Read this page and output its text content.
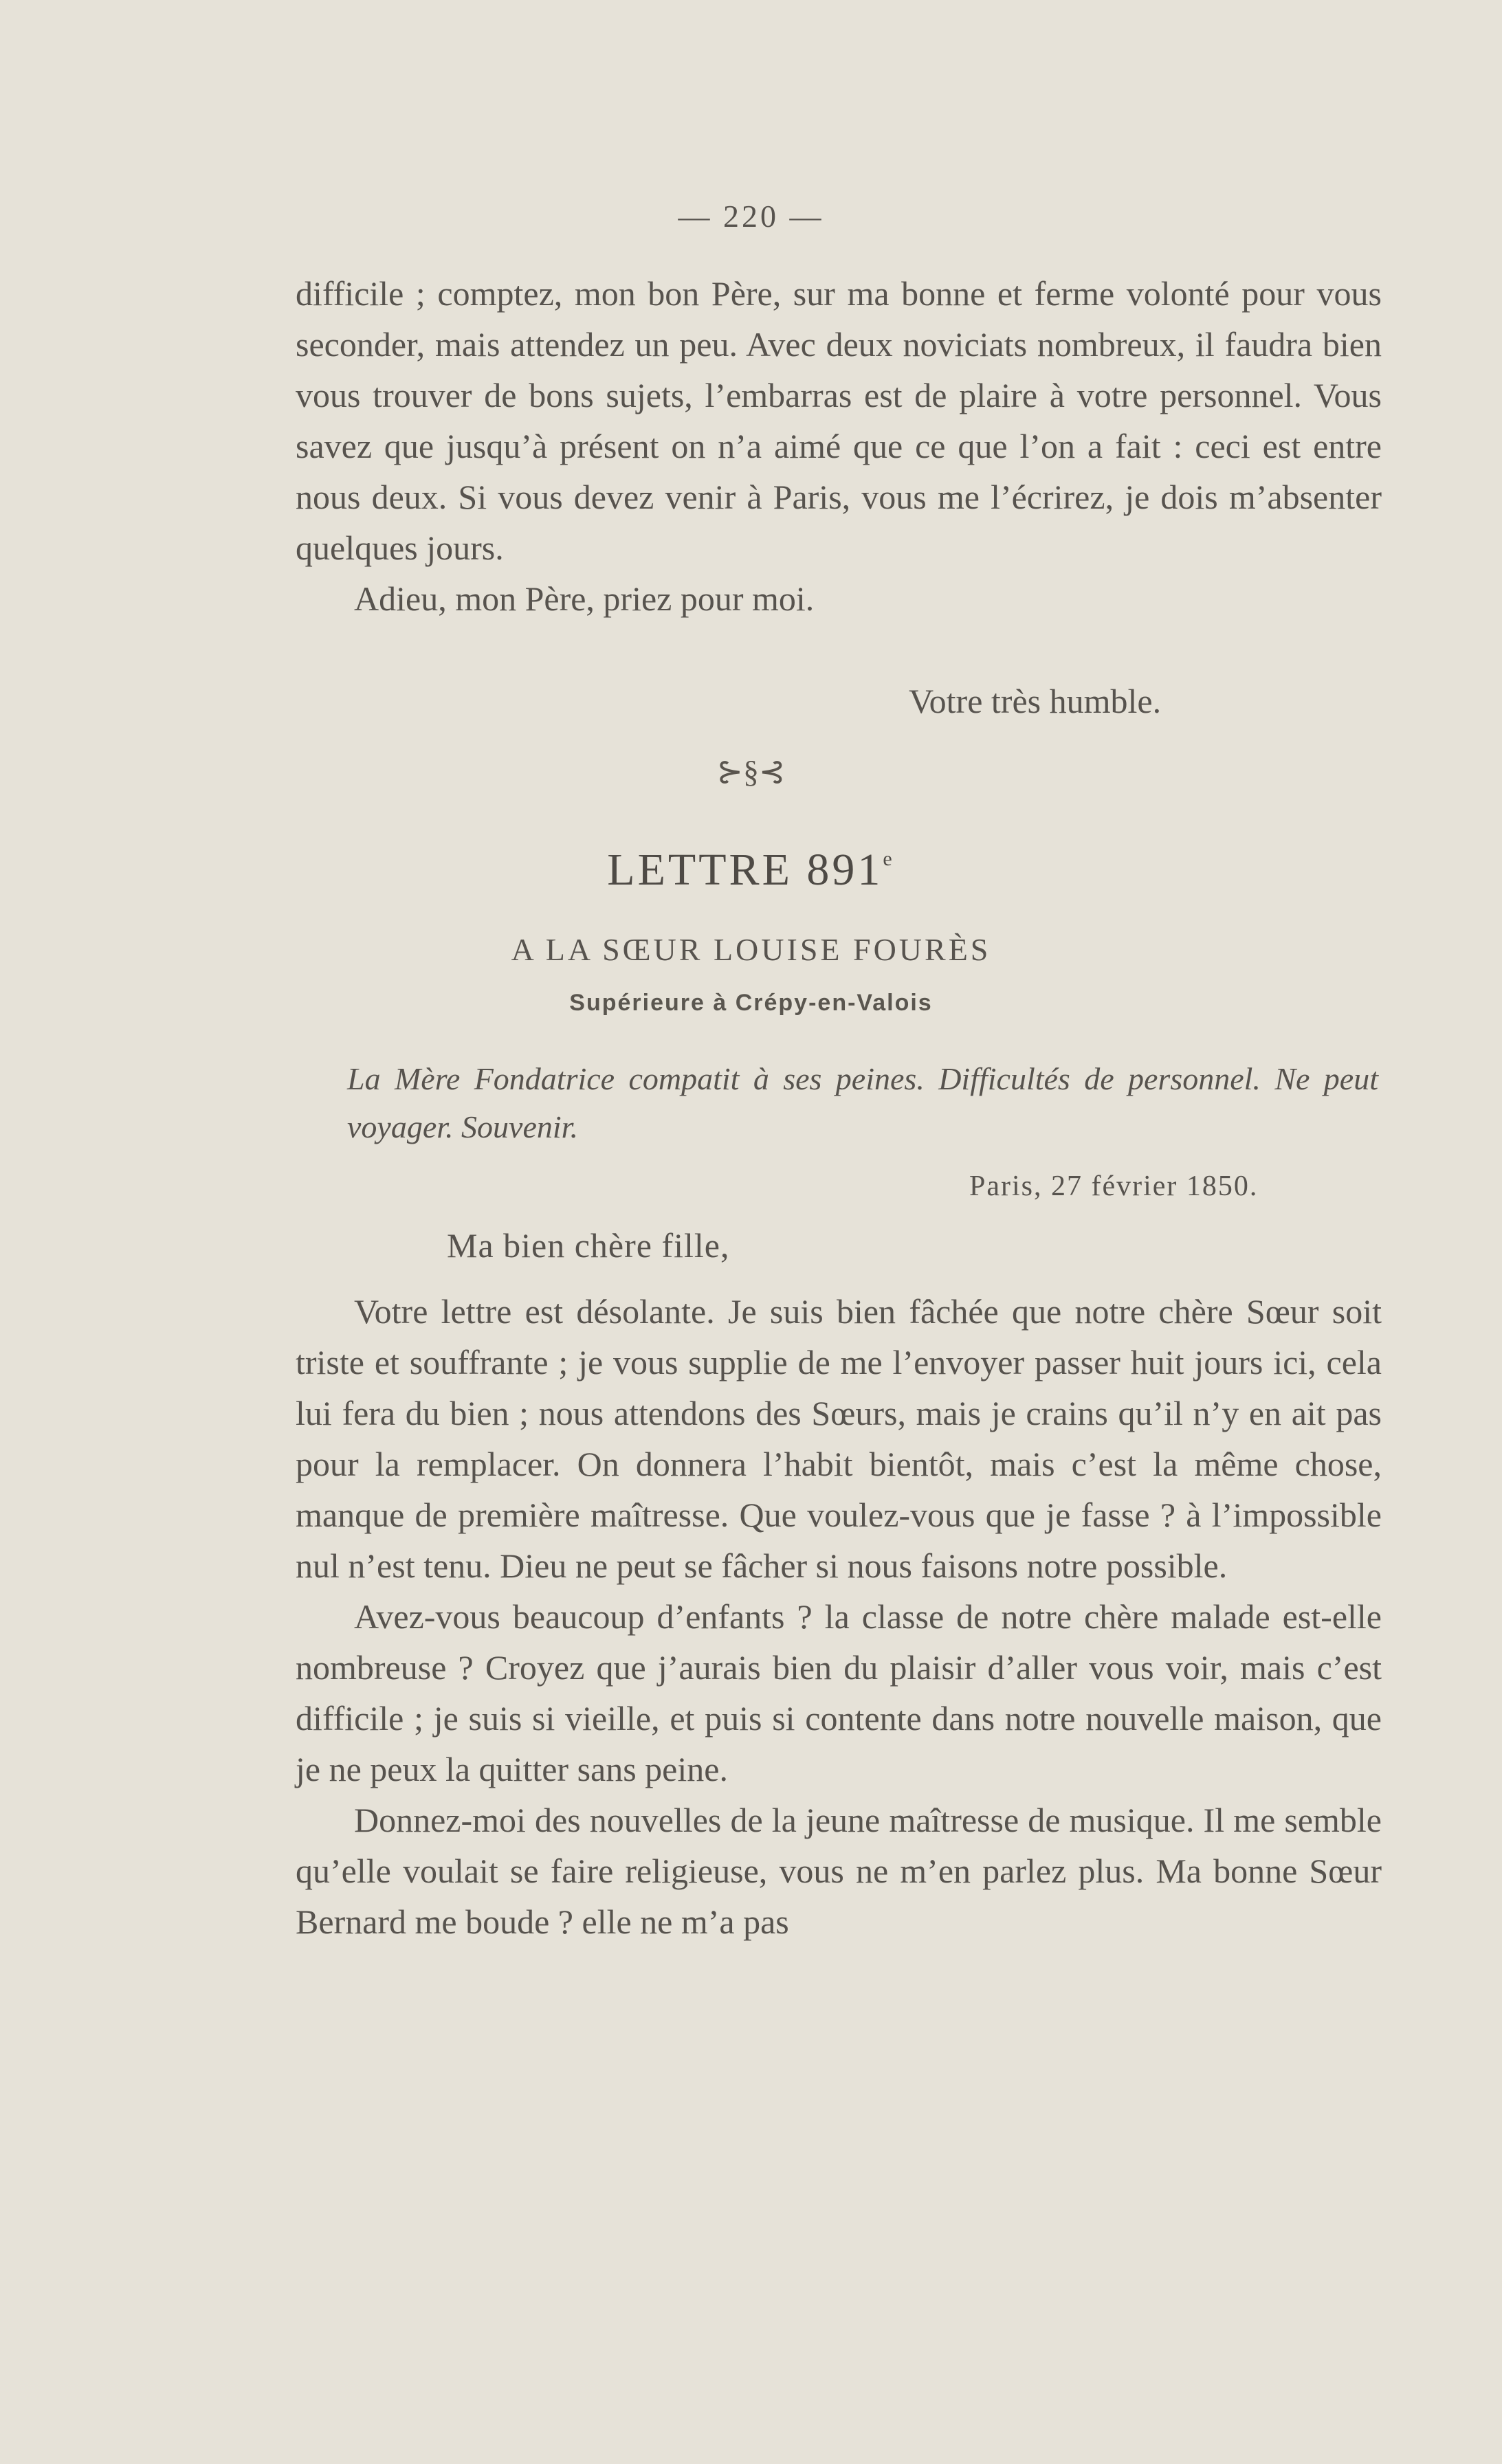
— 220 —

difficile ; comptez, mon bon Père, sur ma bonne et ferme volonté pour vous seconder, mais attendez un peu. Avec deux noviciats nombreux, il faudra bien vous trouver de bons sujets, l’embarras est de plaire à votre personnel. Vous savez que jusqu’à présent on n’a aimé que ce que l’on a fait : ceci est entre nous deux. Si vous devez venir à Paris, vous me l’écrirez, je dois m’absenter quelques jours.

Adieu, mon Père, priez pour moi.

Votre très humble.
⊱§⊰
LETTRE 891e
A LA SŒUR LOUISE FOURÈS
Supérieure à Crépy-en-Valois
La Mère Fondatrice compatit à ses peines. Difficultés de personnel. Ne peut voyager. Souvenir.
Paris, 27 février 1850.
Ma bien chère fille,

Votre lettre est désolante. Je suis bien fâchée que notre chère Sœur soit triste et souffrante ; je vous supplie de me l’envoyer passer huit jours ici, cela lui fera du bien ; nous attendons des Sœurs, mais je crains qu’il n’y en ait pas pour la remplacer. On donnera l’habit bientôt, mais c’est la même chose, manque de première maîtresse. Que voulez-vous que je fasse ? à l’impossible nul n’est tenu. Dieu ne peut se fâcher si nous faisons notre possible.

Avez-vous beaucoup d’enfants ? la classe de notre chère malade est-elle nombreuse ? Croyez que j’aurais bien du plaisir d’aller vous voir, mais c’est difficile ; je suis si vieille, et puis si contente dans notre nouvelle maison, que je ne peux la quitter sans peine.

Donnez-moi des nouvelles de la jeune maîtresse de musique. Il me semble qu’elle voulait se faire religieuse, vous ne m’en parlez plus. Ma bonne Sœur Bernard me boude ? elle ne m’a pas
